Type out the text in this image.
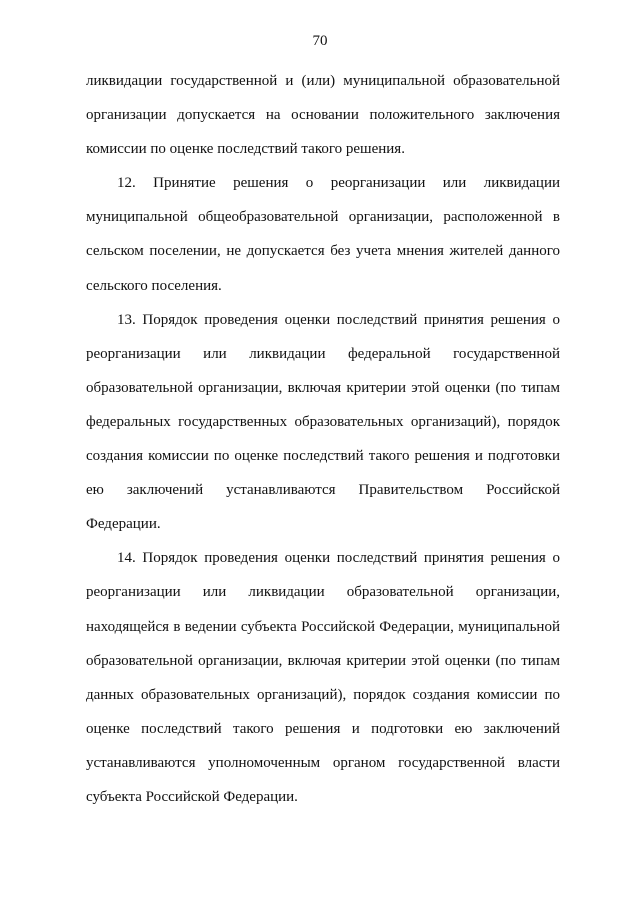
70

ликвидации государственной и (или) муниципальной образовательной организации допускается на основании положительного заключения комиссии по оценке последствий такого решения.

12. Принятие решения о реорганизации или ликвидации муниципальной общеобразовательной организации, расположенной в сельском поселении, не допускается без учета мнения жителей данного сельского поселения.

13. Порядок проведения оценки последствий принятия решения о реорганизации или ликвидации федеральной государственной образовательной организации, включая критерии этой оценки (по типам федеральных государственных образовательных организаций), порядок создания комиссии по оценке последствий такого решения и подготовки ею заключений устанавливаются Правительством Российской Федерации.

14. Порядок проведения оценки последствий принятия решения о реорганизации или ликвидации образовательной организации, находящейся в ведении субъекта Российской Федерации, муниципальной образовательной организации, включая критерии этой оценки (по типам данных образовательных организаций), порядок создания комиссии по оценке последствий такого решения и подготовки ею заключений устанавливаются уполномоченным органом государственной власти субъекта Российской Федерации.
